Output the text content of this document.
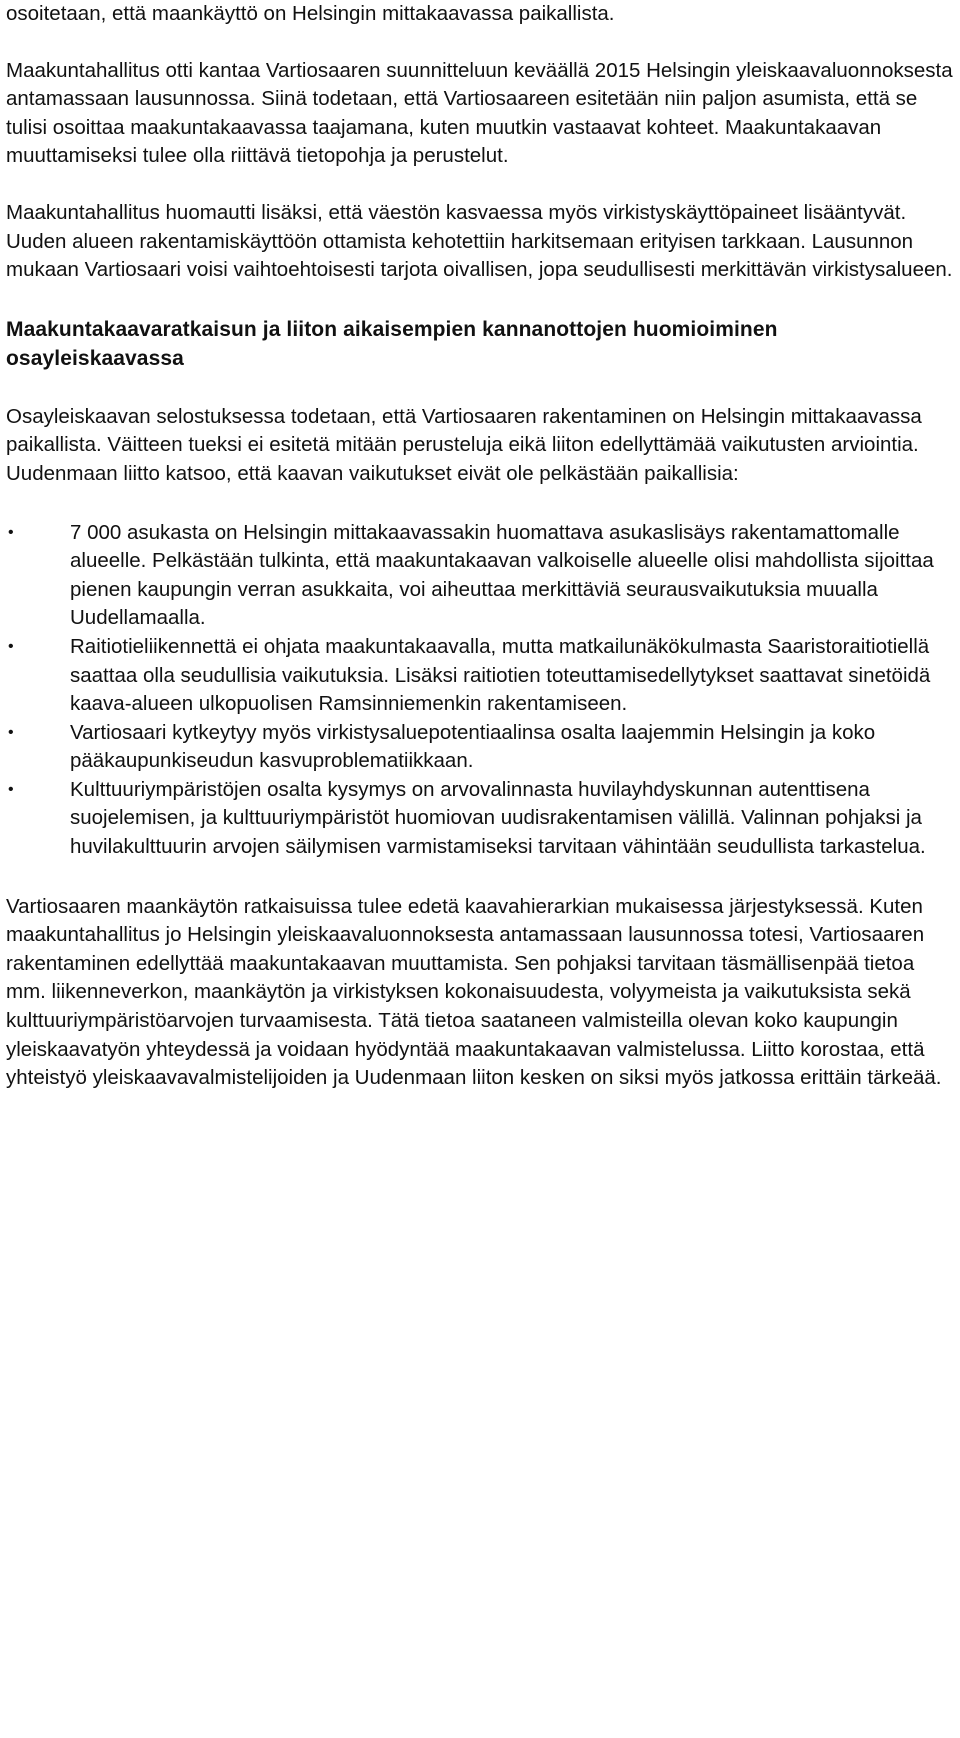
osoitetaan, että maankäyttö on Helsingin mittakaavassa paikallista.

Maakuntahallitus otti kantaa Vartiosaaren suunnitteluun keväällä 2015 Helsingin yleiskaavaluonnoksesta antamassaan lausunnossa. Siinä todetaan, että Vartiosaareen esitetään niin paljon asumista, että se tulisi osoittaa maakuntakaavassa taajamana, kuten muutkin vastaavat kohteet. Maakuntakaavan muuttamiseksi tulee olla riittävä tietopohja ja perustelut.

Maakuntahallitus huomautti lisäksi, että väestön kasvaessa myös virkistyskäyttöpaineet lisääntyvät. Uuden alueen rakentamiskäyttöön ottamista kehotettiin harkitsemaan erityisen tarkkaan. Lausunnon mukaan Vartiosaari voisi vaihtoehtoisesti tarjota oivallisen, jopa seudullisesti merkittävän virkistysalueen.

Maakuntakaavaratkaisun ja liiton aikaisempien kannanottojen huomioiminen osayleiskaavassa

Osayleiskaavan selostuksessa todetaan, että Vartiosaaren rakentaminen on Helsingin mittakaavassa paikallista. Väitteen tueksi ei esitetä mitään perusteluja eikä liiton edellyttämää vaikutusten arviointia. Uudenmaan liitto katsoo, että kaavan vaikutukset eivät ole pelkästään paikallisia:

•	7 000 asukasta on Helsingin mittakaavassakin huomattava asukaslisäys rakentamattomalle alueelle. Pelkästään tulkinta, että maakuntakaavan valkoiselle alueelle olisi mahdollista sijoittaa pienen kaupungin verran asukkaita, voi aiheuttaa merkittäviä seurausvaikutuksia muualla Uudellamaalla.
•	Raitiotieliikennettä ei ohjata maakuntakaavalla, mutta matkailunäkökulmasta Saaristoraitiotiellä saattaa olla seudullisia vaikutuksia. Lisäksi raitiotien toteuttamisedellytykset saattavat sinetöidä kaava-alueen ulkopuolisen Ramsinniemenkin rakentamiseen.
•	Vartiosaari kytkeytyy myös virkistysaluepotentiaalinsa osalta laajemmin Helsingin ja koko pääkaupunkiseudun kasvuproblematiikkaan.
•	Kulttuuriympäristöjen osalta kysymys on arvovalinnasta huvilayhdyskunnan autenttisena suojelemisen, ja kulttuuriympäristöt huomiovan uudisrakentamisen välillä. Valinnan pohjaksi ja huvilakulttuurin arvojen säilymisen varmistamiseksi tarvitaan vähintään seudullista tarkastelua.

Vartiosaaren maankäytön ratkaisuissa tulee edetä kaavahierarkian mukaisessa järjestyksessä. Kuten maakuntahallitus jo Helsingin yleiskaavaluonnoksesta antamassaan lausunnossa totesi, Vartiosaaren rakentaminen edellyttää maakuntakaavan muuttamista. Sen pohjaksi tarvitaan täsmällisenpää tietoa mm. liikenneverkon, maankäytön ja virkistyksen kokonaisuudesta, volyymeista ja vaikutuksista sekä kulttuuriympäristöarvojen turvaamisesta. Tätä tietoa saataneen valmisteilla olevan koko kaupungin yleiskaavatyön yhteydessä ja voidaan hyödyntää maakuntakaavan valmistelussa. Liitto korostaa, että yhteistyö yleiskaavavalmistelijoiden ja Uudenmaan liiton kesken on siksi myös jatkossa erittäin tärkeää.
